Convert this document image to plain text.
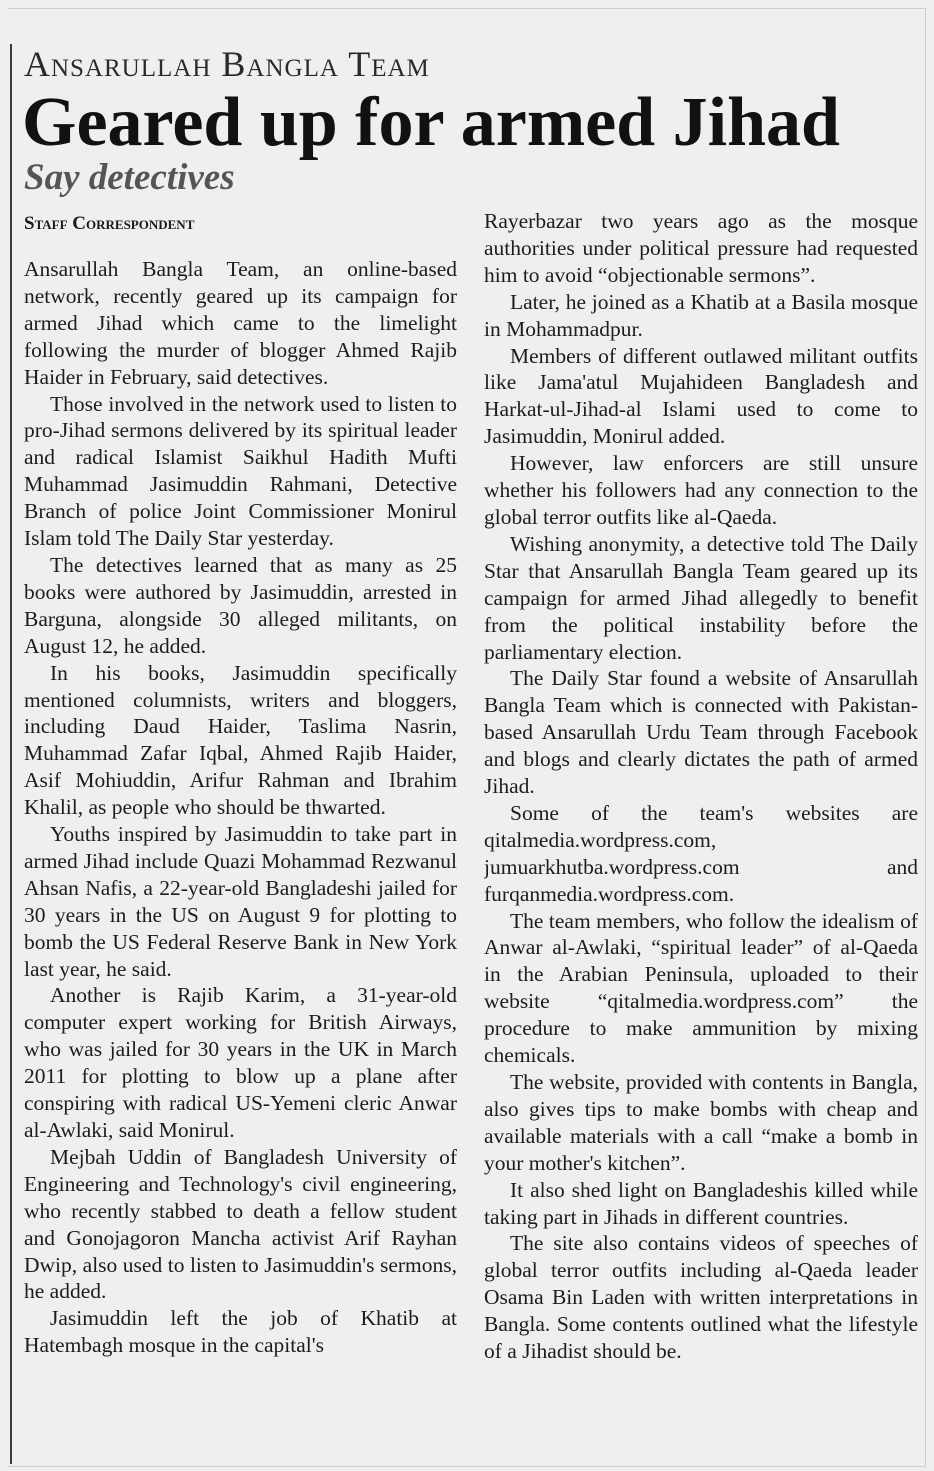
Ansarullah Bangla Team
Geared up for armed Jihad
Say detectives
Staff Correspondent

Ansarullah Bangla Team, an online-based network, recently geared up its campaign for armed Jihad which came to the limelight following the murder of blogger Ahmed Rajib Haider in February, said detectives.

Those involved in the network used to listen to pro-Jihad sermons delivered by its spiritual leader and radical Islamist Saikhul Hadith Mufti Muhammad Jasimuddin Rahmani, Detective Branch of police Joint Commissioner Monirul Islam told The Daily Star yesterday.

The detectives learned that as many as 25 books were authored by Jasimuddin, arrested in Barguna, alongside 30 alleged militants, on August 12, he added.

In his books, Jasimuddin specifically mentioned columnists, writers and bloggers, including Daud Haider, Taslima Nasrin, Muhammad Zafar Iqbal, Ahmed Rajib Haider, Asif Mohiuddin, Arifur Rahman and Ibrahim Khalil, as people who should be thwarted.

Youths inspired by Jasimuddin to take part in armed Jihad include Quazi Mohammad Rezwanul Ahsan Nafis, a 22-year-old Bangladeshi jailed for 30 years in the US on August 9 for plotting to bomb the US Federal Reserve Bank in New York last year, he said.

Another is Rajib Karim, a 31-year-old computer expert working for British Airways, who was jailed for 30 years in the UK in March 2011 for plotting to blow up a plane after conspiring with radical US-Yemeni cleric Anwar al-Awlaki, said Monirul.

Mejbah Uddin of Bangladesh University of Engineering and Technology's civil engineering, who recently stabbed to death a fellow student and Gonojagoron Mancha activist Arif Rayhan Dwip, also used to listen to Jasimuddin's sermons, he added.

Jasimuddin left the job of Khatib at Hatembagh mosque in the capital's

Rayerbazar two years ago as the mosque authorities under political pressure had requested him to avoid “objectionable sermons”.

Later, he joined as a Khatib at a Basila mosque in Mohammadpur.

Members of different outlawed militant outfits like Jama'atul Mujahideen Bangladesh and Harkat-ul-Jihad-al Islami used to come to Jasimuddin, Monirul added.

However, law enforcers are still unsure whether his followers had any connection to the global terror outfits like al-Qaeda.

Wishing anonymity, a detective told The Daily Star that Ansarullah Bangla Team geared up its campaign for armed Jihad allegedly to benefit from the political instability before the parliamentary election.

The Daily Star found a website of Ansarullah Bangla Team which is connected with Pakistan-based Ansarullah Urdu Team through Facebook and blogs and clearly dictates the path of armed Jihad.

Some of the team's websites are qitalmedia.wordpress.com, jumuarkhutba.wordpress.com and furqanmedia.wordpress.com.

The team members, who follow the idealism of Anwar al-Awlaki, “spiritual leader” of al-Qaeda in the Arabian Peninsula, uploaded to their website “qitalmedia.wordpress.com” the procedure to make ammunition by mixing chemicals.

The website, provided with contents in Bangla, also gives tips to make bombs with cheap and available materials with a call “make a bomb in your mother's kitchen”.

It also shed light on Bangladeshis killed while taking part in Jihads in different countries.

The site also contains videos of speeches of global terror outfits including al-Qaeda leader Osama Bin Laden with written interpretations in Bangla. Some contents outlined what the lifestyle of a Jihadist should be.
